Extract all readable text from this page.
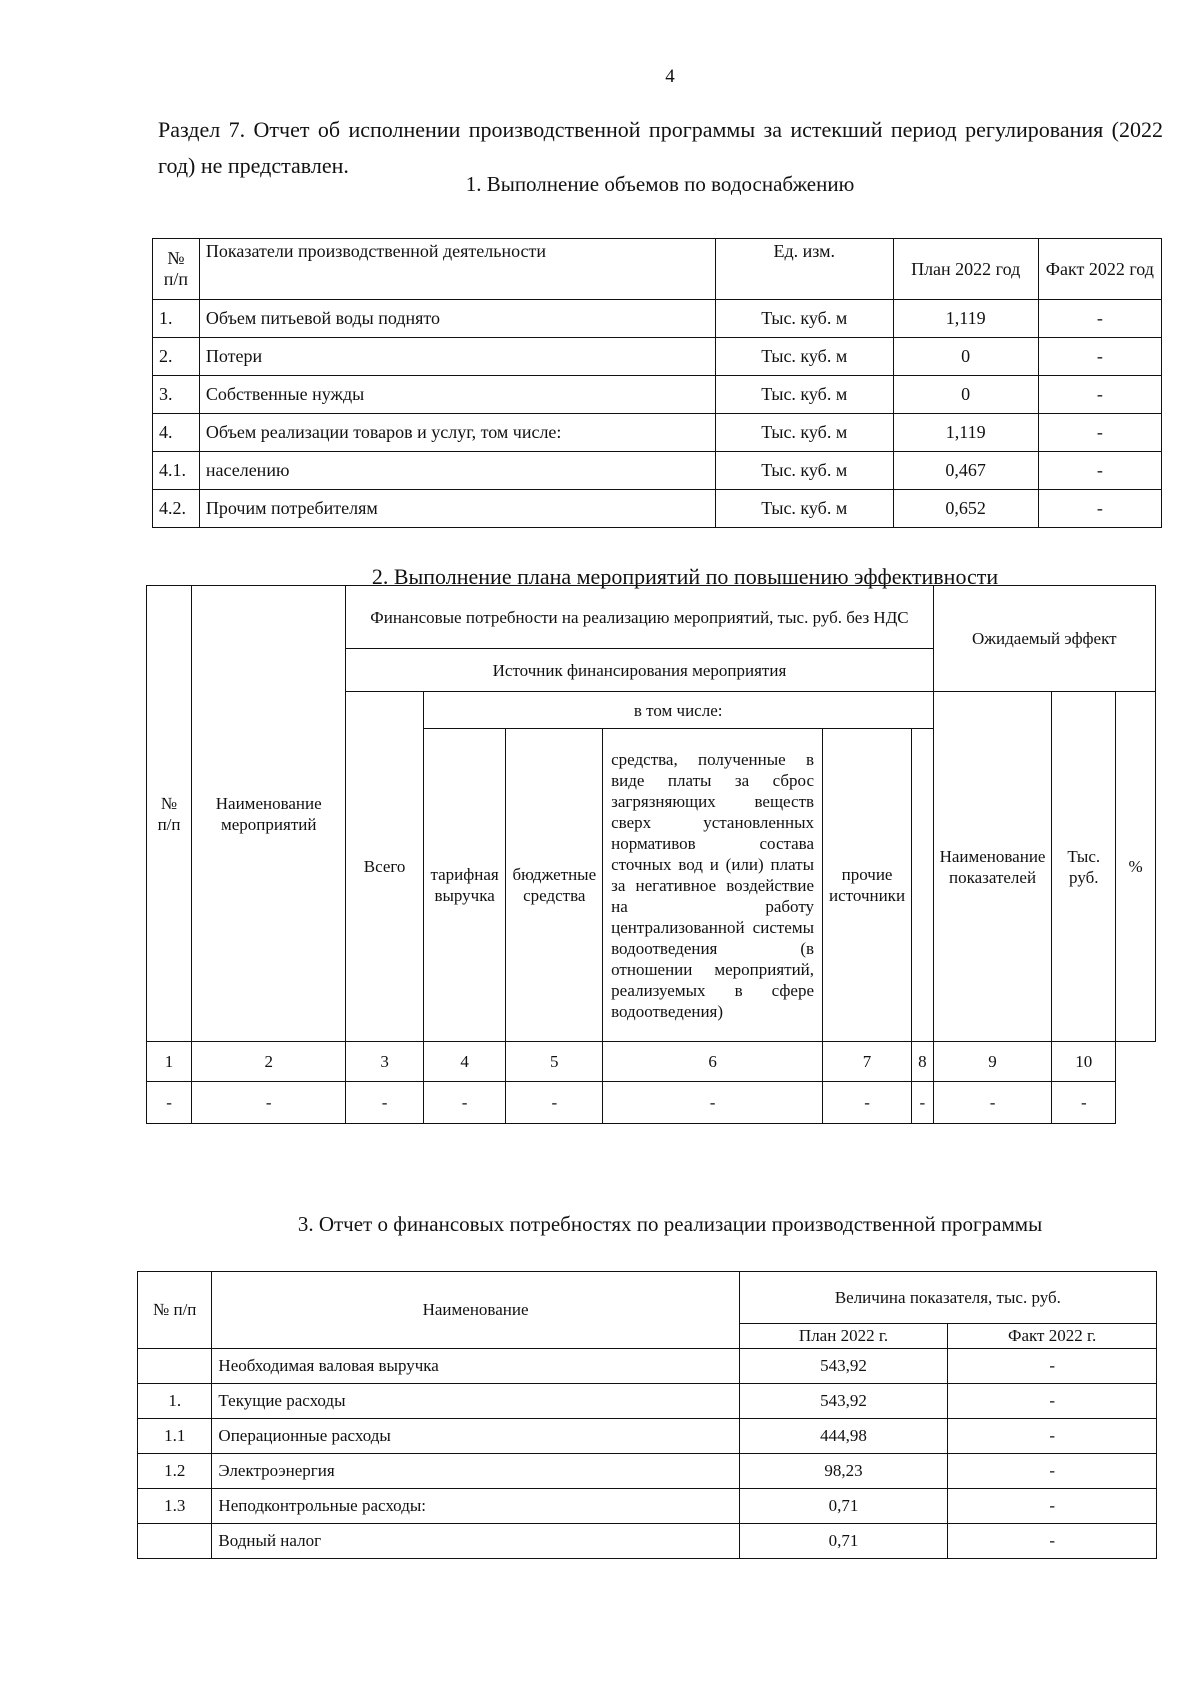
4
Раздел 7. Отчет об исполнении производственной программы за истекший период регулирования (2022 год) не представлен.
1. Выполнение объемов по водоснабжению
№ п/п	Показатели производственной деятельности	Ед. изм.	План 2022 год	Факт 2022 год
1.	Объем питьевой воды поднято	Тыс. куб. м	1,119	-
2.	Потери	Тыс. куб. м	0	-
3.	Собственные нужды	Тыс. куб. м	0	-
4.	Объем реализации товаров и услуг, том числе:	Тыс. куб. м	1,119	-
4.1.	населению	Тыс. куб. м	0,467	-
4.2.	Прочим потребителям	Тыс. куб. м	0,652	-
2. Выполнение плана мероприятий по повышению эффективности
№ п/п	Наименование мероприятий	Финансовые потребности на реализацию мероприятий, тыс. руб. без НДС						Ожидаемый эффект		
		Источник финансирования мероприятия								
		Всего	в том числе:					Наименование показателей	Тыс. руб.	%
			тарифная выручка	бюджетные средства	средства, полученные в виде платы за сброс загрязняющих веществ сверх установленных нормативов состава сточных вод и (или) платы за негативное воздействие на работу централизованной системы водоотведения (в отношении мероприятий, реализуемых в сфере водоотведения)	прочие источники				
1	2	3	4	5	6	7	8	9	10	
-	-	-	-	-	-	-	-	-	-	
3. Отчет о финансовых потребностях по реализации производственной программы
№ п/п	Наименование	Величина показателя, тыс. руб.	
		План 2022 г.	Факт 2022 г.
	Необходимая валовая выручка	543,92	-
1.	Текущие расходы	543,92	-
1.1	Операционные расходы	444,98	-
1.2	Электроэнергия	98,23	-
1.3	Неподконтрольные расходы:	0,71	-
	Водный налог	0,71	-
